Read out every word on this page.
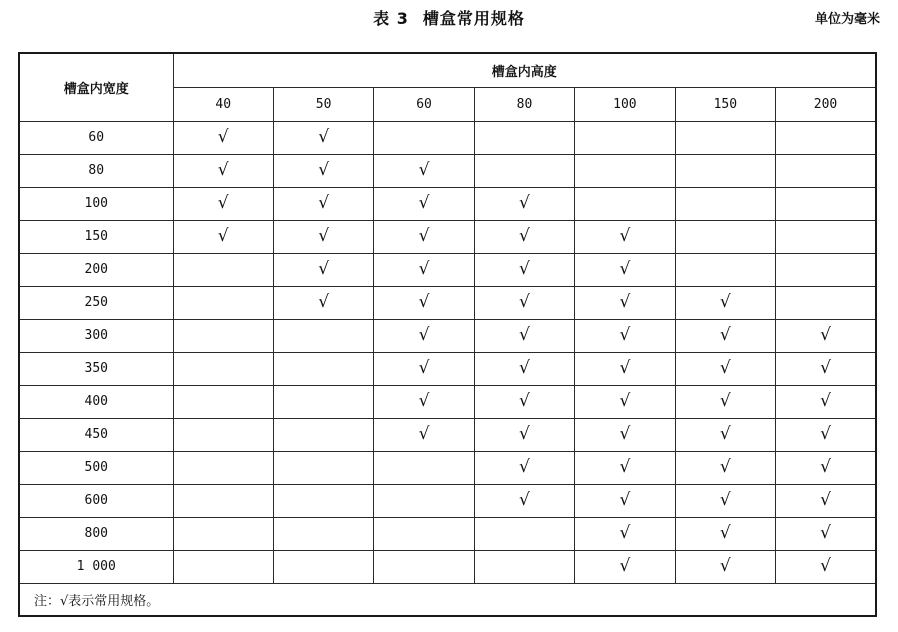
表 3 槽盒常用规格	单位为毫米
槽盒内宽度	槽盒内高度						
	40	50	60	80	100	150	200
60	√	√					
80	√	√	√				
100	√	√	√	√			
150	√	√	√	√	√		
200		√	√	√	√		
250		√	√	√	√	√	
300			√	√	√	√	√
350			√	√	√	√	√
400			√	√	√	√	√
450			√	√	√	√	√
500				√	√	√	√
600				√	√	√	√
800					√	√	√
1 000					√	√	√
注：√表示常用规格。							
